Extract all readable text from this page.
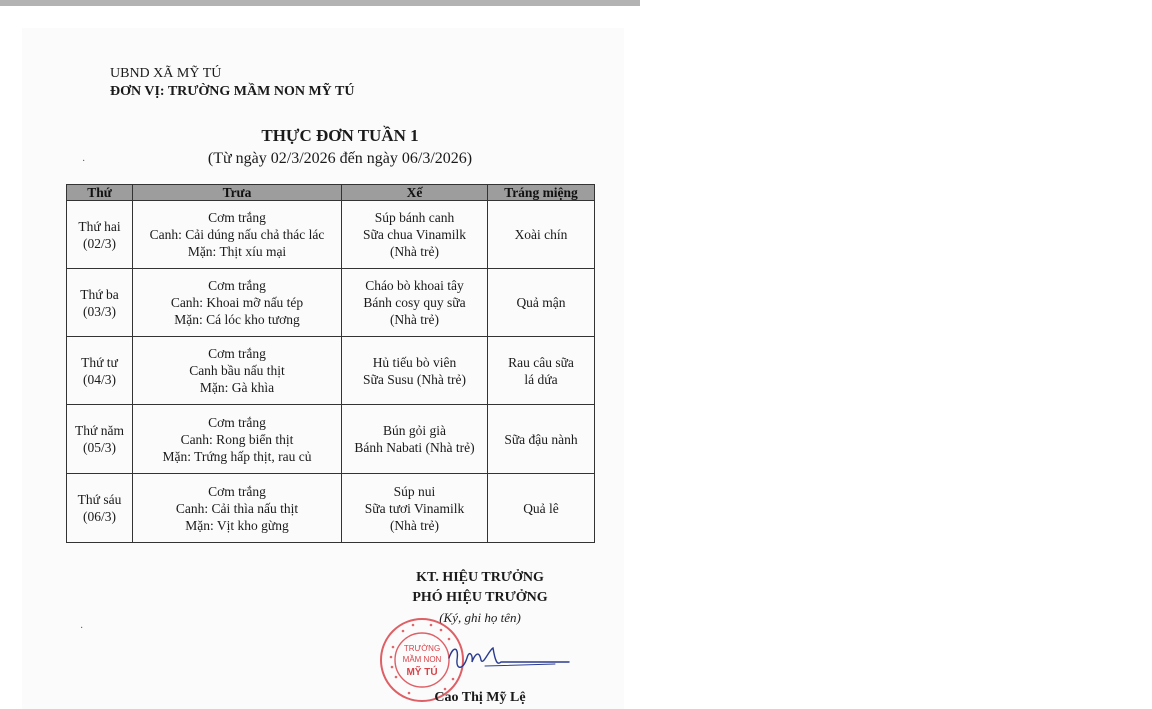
UBND XÃ MỸ TÚ
ĐƠN VỊ: TRƯỜNG MẦM NON MỸ TÚ
THỰC ĐƠN TUẦN 1
(Từ ngày 02/3/2026 đến ngày 06/3/2026)
·
·
Thứ	Trưa	Xế	Tráng miệng

Thứ hai
(02/3)	Cơm trắng
Canh: Cải dúng nấu chả thác lác
Mặn: Thịt xíu mại	Súp bánh canh
Sữa chua Vinamilk
(Nhà trẻ)	Xoài chín

Thứ ba
(03/3)	Cơm trắng
Canh: Khoai mỡ nấu tép
Mặn: Cá lóc kho tương	Cháo bò khoai tây
Bánh cosy quy sữa
(Nhà trẻ)	Quả mận

Thứ tư
(04/3)	Cơm trắng
Canh bầu nấu thịt
Mặn: Gà khìa	Hủ tiếu bò viên
Sữa Susu (Nhà trẻ)	Rau câu sữa
lá dứa

Thứ năm
(05/3)	Cơm trắng
Canh: Rong biển thịt
Mặn: Trứng hấp thịt, rau củ	Bún gỏi già
Bánh Nabati (Nhà trẻ)	Sữa đậu nành

Thứ sáu
(06/3)	Cơm trắng
Canh: Cải thìa nấu thịt
Mặn: Vịt kho gừng	Súp nui
Sữa tươi Vinamilk
(Nhà trẻ)	Quả lê
KT. HIỆU TRƯỞNG
PHÓ HIỆU TRƯỞNG
(Ký, ghi họ tên)
TRƯỜNG
MẦM NON
MỸ TÚ
Cao Thị Mỹ Lệ
